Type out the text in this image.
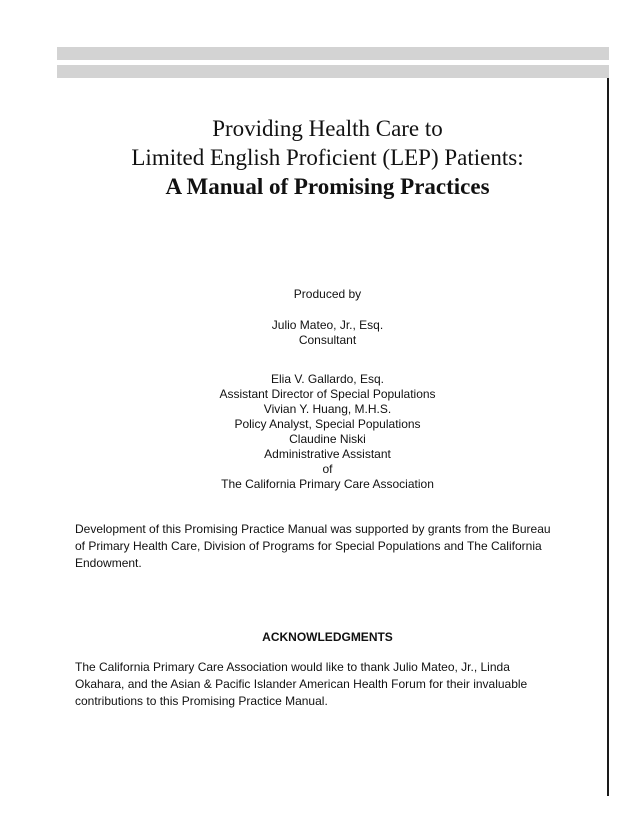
Providing Health Care to
Limited English Proficient (LEP) Patients:
A Manual of Promising Practices
Produced by
Julio Mateo, Jr., Esq.
Consultant
Elia V. Gallardo, Esq.
Assistant Director of Special Populations
Vivian Y. Huang, M.H.S.
Policy Analyst, Special Populations
Claudine Niski
Administrative Assistant
of
The California Primary Care Association
Development of this Promising Practice Manual was supported by grants from the Bureau
of Primary Health Care, Division of Programs for Special Populations and The California
Endowment.
ACKNOWLEDGMENTS
The California Primary Care Association would like to thank Julio Mateo, Jr., Linda
Okahara, and the Asian & Pacific Islander American Health Forum for their invaluable
contributions to this Promising Practice Manual.
